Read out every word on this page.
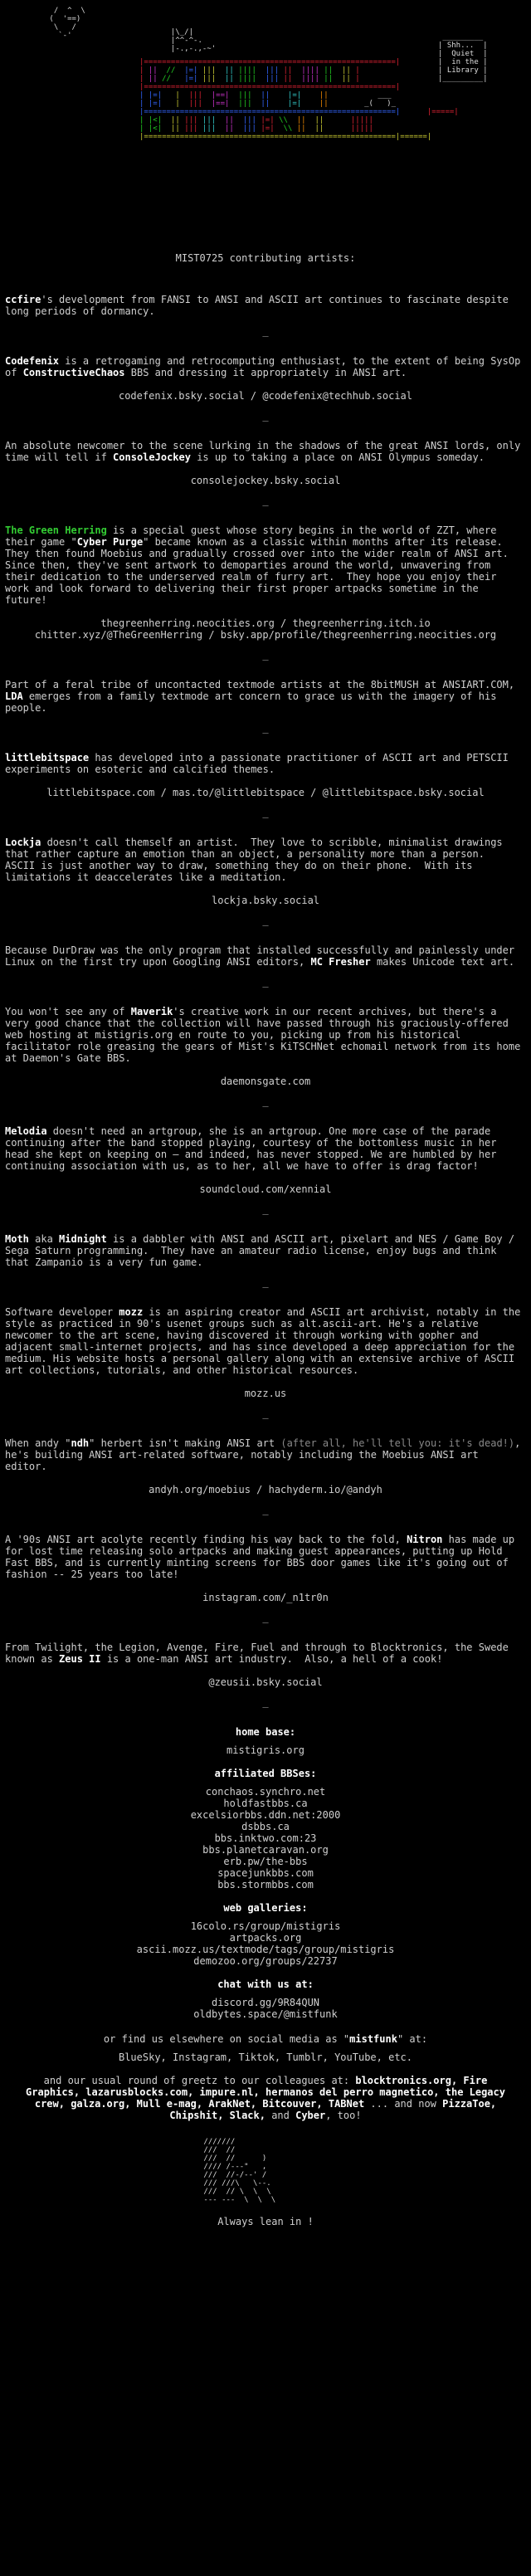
/  ^  \
(  '==)
\   /
`-'	|\_/|
|^^-^-.
|-.,-.,-~'
_________
| Shh...  |
|  Quiet  |
|  in the |
| Library |
|_________|
|========================================================|
| || // |=| ||| || |||| ||| || |||| || || |
| || // |=| ||| || |||| ||| || |||| || || |
|========================================================|
| |=| | ||| |==| ||| || |=| ||	___
| |=| | ||| |==| ||| || |=| ||	_(   )_
|========================================================|	|=====|
| |<| || ||| ||| || ||| |=| \\ || ||	|||||
| |<| || ||| ||| || ||| |=| \\ || ||	|||||
|========================================================|======|
MIST0725 contributing artists:

ccfire's development from FANSI to ANSI and ASCII art continues to fascinate despite long periods of dormancy.

—

Codefenix is a retrogaming and retrocomputing enthusiast, to the extent of being SysOp of ConstructiveChaos BBS and dressing it appropriately in ANSI art.

codefenix.bsky.social / @codefenix@techhub.social

—

An absolute newcomer to the scene lurking in the shadows of the great ANSI lords, only time will tell if ConsoleJockey is up to taking a place on ANSI Olympus someday.

consolejockey.bsky.social

—

The Green Herring is a special guest whose story begins in the world of ZZT, where their game "Cyber Purge" became known as a classic within months after its release.  They then found Moebius and gradually crossed over into the wider realm of ANSI art.  Since then, they've sent artwork to demoparties around the world, unwavering from their dedication to the underserved realm of furry art.  They hope you enjoy their work and look forward to delivering their first proper artpacks sometime in the future!

thegreenherring.neocities.org / thegreenherring.itch.io

chitter.xyz/@TheGreenHerring / bsky.app/profile/thegreenherring.neocities.org

—

Part of a feral tribe of uncontacted textmode artists at the 8bitMUSH at ANSIART.COM, LDA emerges from a family textmode art concern to grace us with the imagery of his people.

—

littlebitspace has developed into a passionate practitioner of ASCII art and PETSCII experiments on esoteric and calcified themes.

littlebitspace.com / mas.to/@littlebitspace / @littlebitspace.bsky.social

—

Lockja doesn't call themself an artist.  They love to scribble, minimalist drawings that rather capture an emotion than an object, a personality more than a person.  ASCII is just another way to draw, something they do on their phone.  With its limitations it deaccelerates like a meditation.

lockja.bsky.social

—

Because DurDraw was the only program that installed successfully and painlessly under Linux on the first try upon Googling ANSI editors, MC Fresher makes Unicode text art.

—

You won't see any of Maverik's creative work in our recent archives, but there's a very good chance that the collection will have passed through his graciously-offered web hosting at mistigris.org en route to you, picking up from his historical facilitator role greasing the gears of Mist's KiTSCHNet echomail network from its home at Daemon's Gate BBS.

daemonsgate.com

—

Melodia doesn't need an artgroup, she is an artgroup. One more case of the parade continuing after the band stopped playing, courtesy of the bottomless music in her head she kept on keeping on — and indeed, has never stopped. We are humbled by her continuing association with us, as to her, all we have to offer is drag factor!

soundcloud.com/xennial

—

Moth aka Midnight is a dabbler with ANSI and ASCII art, pixelart and NES / Game Boy / Sega Saturn programming.  They have an amateur radio license, enjoy bugs and think that Zampanio is a very fun game.

—

Software developer mozz is an aspiring creator and ASCII art archivist, notably in the style as practiced in 90's usenet groups such as alt.ascii-art. He's a relative newcomer to the art scene, having discovered it through working with gopher and adjacent small-internet projects, and has since developed a deep appreciation for the medium. His website hosts a personal gallery along with an extensive archive of ASCII art collections, tutorials, and other historical resources.

mozz.us

—

When andy "ndh" herbert isn't making ANSI art (after all, he'll tell you: it's dead!), he's building ANSI art-related software, notably including the Moebius ANSI art editor.

andyh.org/moebius / hachyderm.io/@andyh

—

A '90s ANSI art acolyte recently finding his way back to the fold, Nitron has made up for lost time releasing solo artpacks and making guest appearances, putting up Hold Fast BBS, and is currently minting screens for BBS door games like it's going out of fashion -- 25 years too late!

instagram.com/_n1tr0n

—

From Twilight, the Legion, Avenge, Fire, Fuel and through to Blocktronics, the Swede known as Zeus II is a one-man ANSI art industry.  Also, a hell of a cook!

@zeusii.bsky.social

—
home base:
mistigris.org
affiliated BBSes:
conchaos.synchro.net
holdfastbbs.ca
excelsiorbbs.ddn.net:2000
dsbbs.ca
bbs.inktwo.com:23
bbs.planetcaravan.org
erb.pw/the-bbs
spacejunkbbs.com
bbs.stormbbs.com
web galleries:
16colo.rs/group/mistigris
artpacks.org
ascii.mozz.us/textmode/tags/group/mistigris
demozoo.org/groups/22737
chat with us at:
discord.gg/9R84QUN
oldbytes.space/@mistfunk

or find us elsewhere on social media as "mistfunk" at:

BlueSky, Instagram, Tiktok, Tumblr, YouTube, etc.

and our usual round of greetz to our colleagues at: blocktronics.org, Fire Graphics, lazarusblocks.com, impure.nl, hermanos del perro magnetico, the Legacy crew, galza.org, Mull e-mag, ArakNet, Bitcouver, TABNet ... and now PizzaToe, Chipshit, Slack, and Cyber, too!

///////
///  //
///  //      )
//// /---"   ,
///  //-/--' /
/// ///\   \--.
///  // \  \  \
--- ---  \  \  \
Always lean in !
